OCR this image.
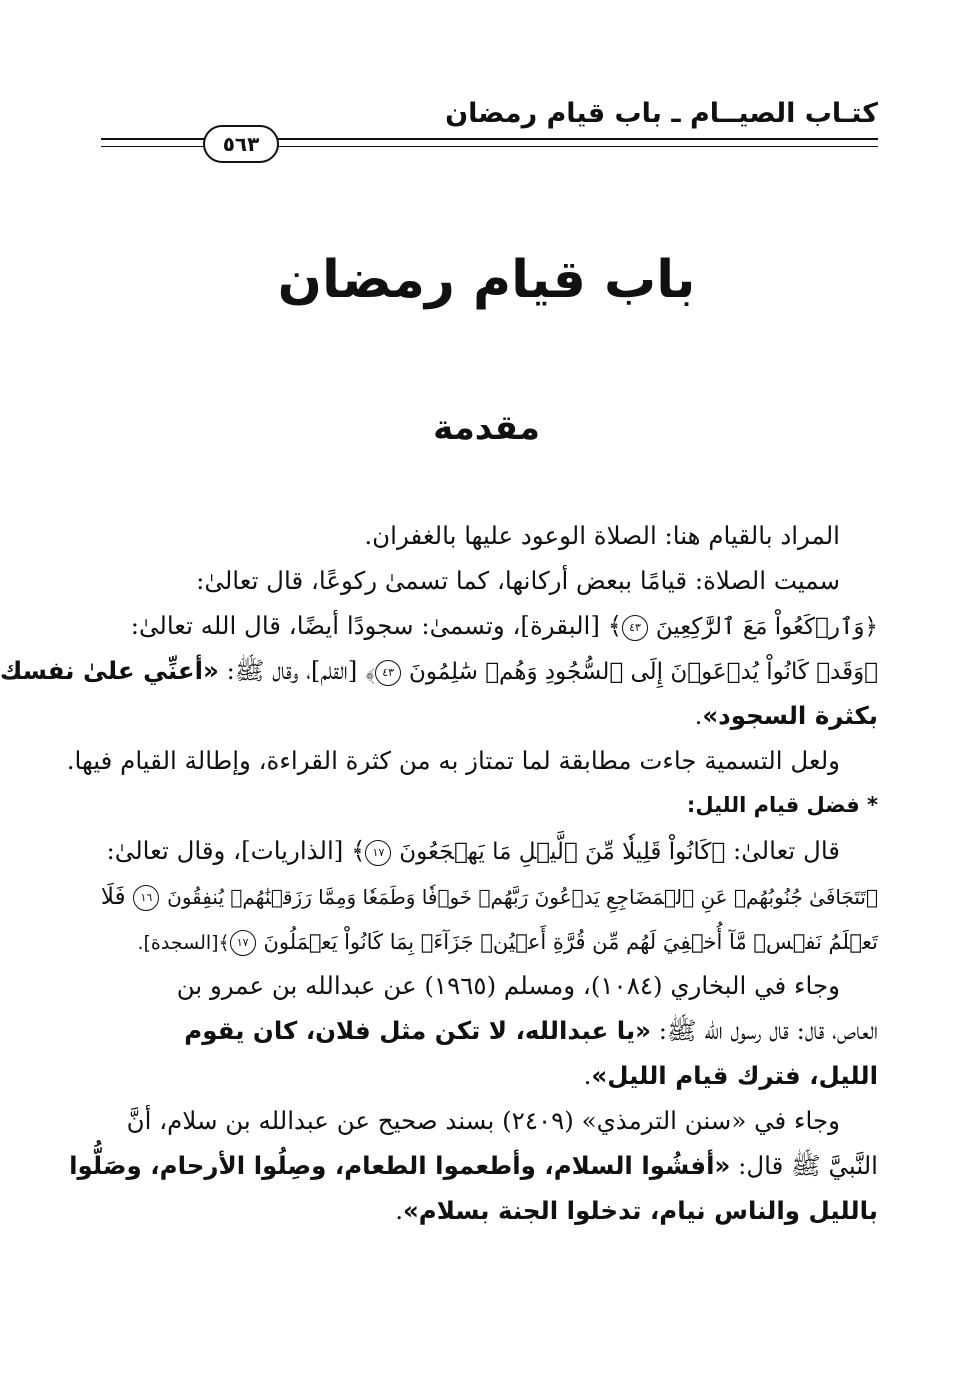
كتـاب الصيــام ـ باب قيام رمضان
٥٦٣
باب قيام رمضان
مقدمة
المراد بالقيام هنا: الصلاة الوعود عليها بالغفران.
سميت الصلاة: قيامًا ببعض أركانها، كما تسمىٰ ركوعًا، قال تعالىٰ:
﴿وَٱرۡكَعُواْ مَعَ ٱلرَّٰكِعِينَ ٤٣﴾ [البقرة]، وتسمىٰ: سجودًا أيضًا، قال الله تعالىٰ:
﴿وَقَدۡ كَانُواْ يُدۡعَوۡنَ إِلَى ٱلسُّجُودِ وَهُمۡ سَٰلِمُونَ ٤٣﴾ [القلم]، وقال ﷺ: «أعنِّي علىٰ نفسك
بكثرة السجود».
ولعل التسمية جاءت مطابقة لما تمتاز به من كثرة القراءة، وإطالة القيام فيها.
* فضل قيام الليل:
قال تعالىٰ: ﴿كَانُواْ قَلِيلٗا مِّنَ ٱلَّيۡلِ مَا يَهۡجَعُونَ ١٧﴾ [الذاريات]، وقال تعالىٰ:
﴿تَتَجَافَىٰ جُنُوبُهُمۡ عَنِ ٱلۡمَضَاجِعِ يَدۡعُونَ رَبَّهُمۡ خَوۡفٗا وَطَمَعٗا وَمِمَّا رَزَقۡنَٰهُمۡ يُنفِقُونَ ١٦ فَلَا
تَعۡلَمُ نَفۡسٞ مَّآ أُخۡفِيَ لَهُم مِّن قُرَّةِ أَعۡيُنٖ جَزَآءَۢ بِمَا كَانُواْ يَعۡمَلُونَ ١٧﴾[السجدة].
وجاء في البخاري (١٠٨٤)، ومسلم (١٩٦٥) عن عبدالله بن عمرو بن
العاص، قال: قال رسول الله ﷺ: «يا عبدالله، لا تكن مثل فلان، كان يقوم
الليل، فترك قيام الليل».
وجاء في «سنن الترمذي» (٢٤٠٩) بسند صحيح عن عبدالله بن سلام، أنَّ
النَّبيَّ ﷺ قال: «أفشُوا السلام، وأطعموا الطعام، وصِلُوا الأرحام، وصَلُّوا
بالليل والناس نيام، تدخلوا الجنة بسلام».
